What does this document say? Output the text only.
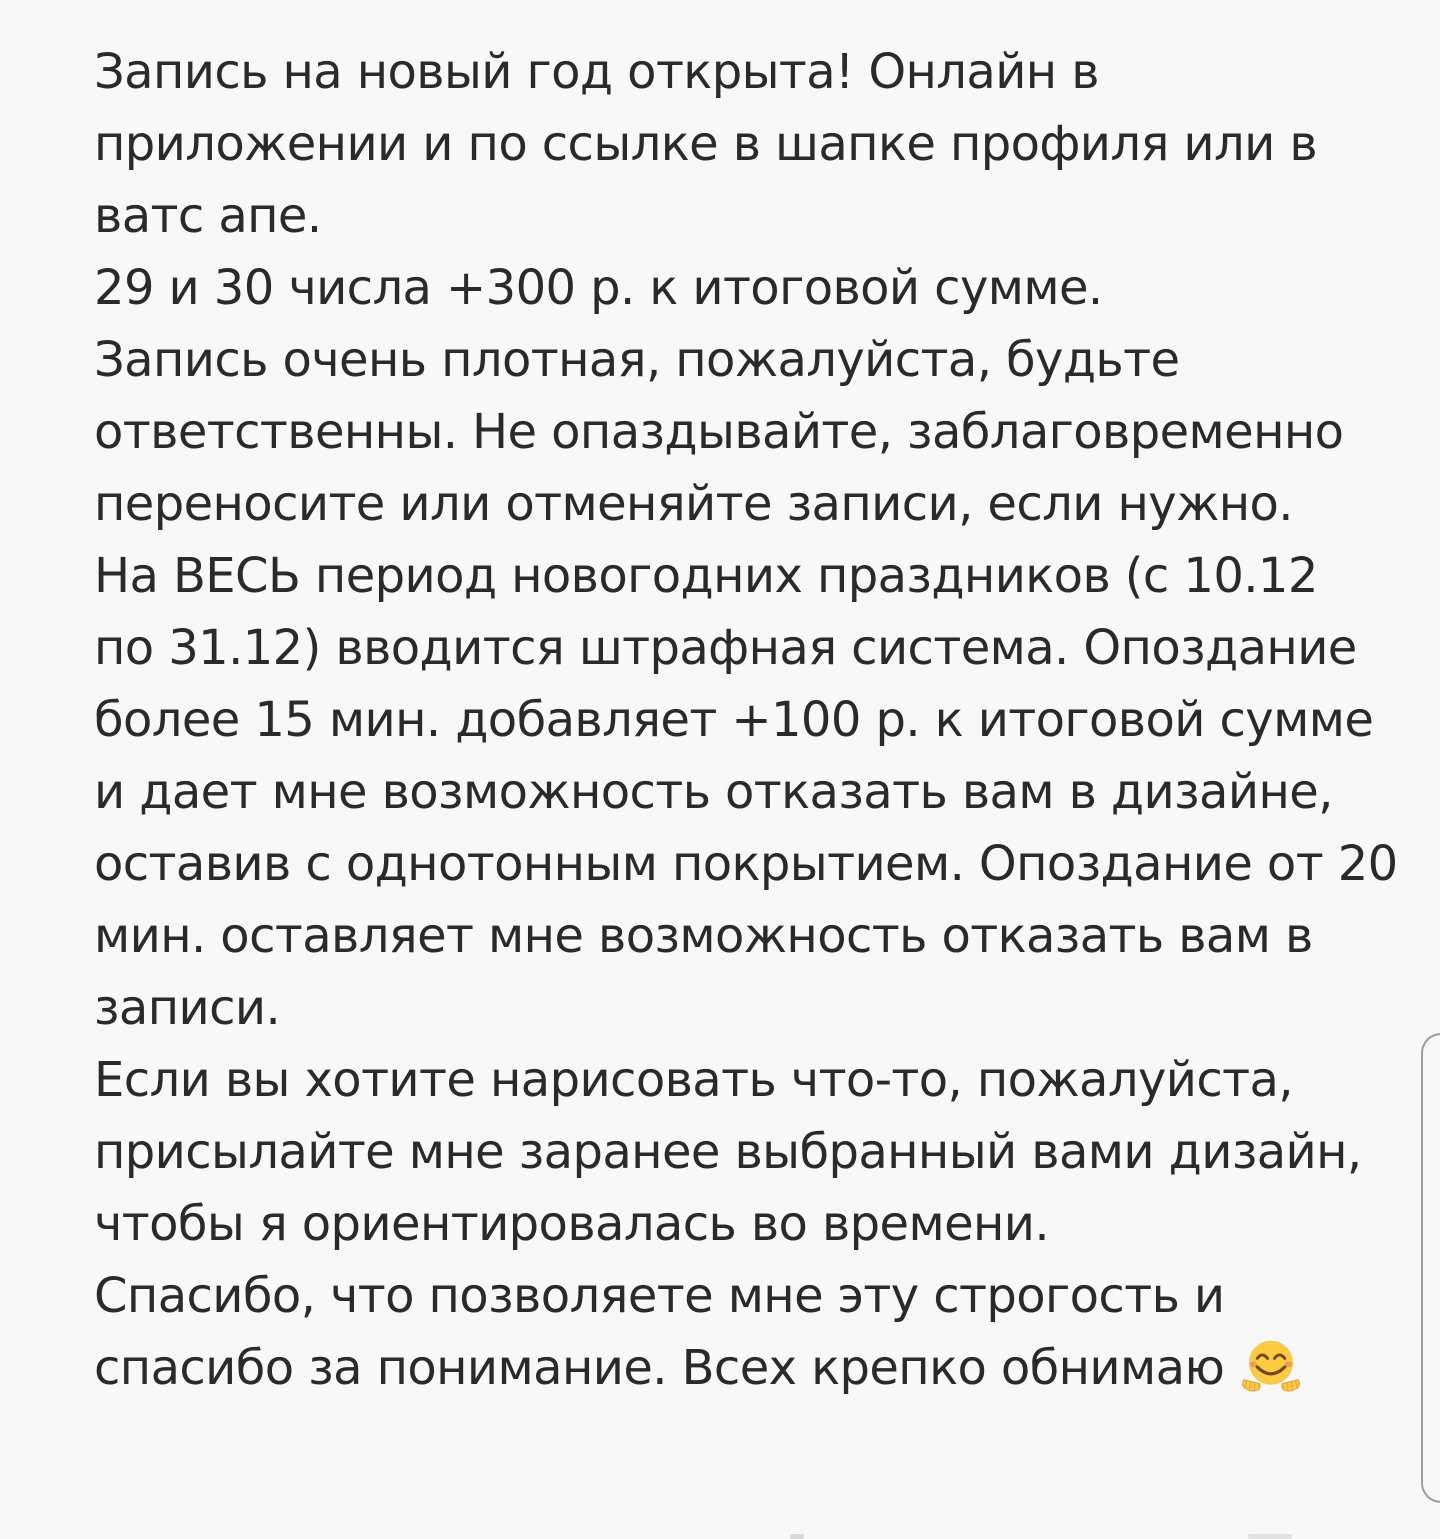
Запись на новый год открыта! Онлайн в
приложении и по ссылке в шапке профиля или в
ватс апе.
29 и 30 числа +300 р. к итоговой сумме.
Запись очень плотная, пожалуйста, будьте
ответственны. Не опаздывайте, заблаговременно
переносите или отменяйте записи, если нужно.
На ВЕСЬ период новогодних праздников (с 10.12
по 31.12) вводится штрафная система. Опоздание
более 15 мин. добавляет +100 р. к итоговой сумме
и дает мне возможность отказать вам в дизайне,
оставив с однотонным покрытием. Опоздание от 20
мин. оставляет мне возможность отказать вам в
записи.
Если вы хотите нарисовать что-то, пожалуйста,
присылайте мне заранее выбранный вами дизайн,
чтобы я ориентировалась во времени.
Спасибо, что позволяете мне эту строгость и
спасибо за понимание. Всех крепко обнимаю
